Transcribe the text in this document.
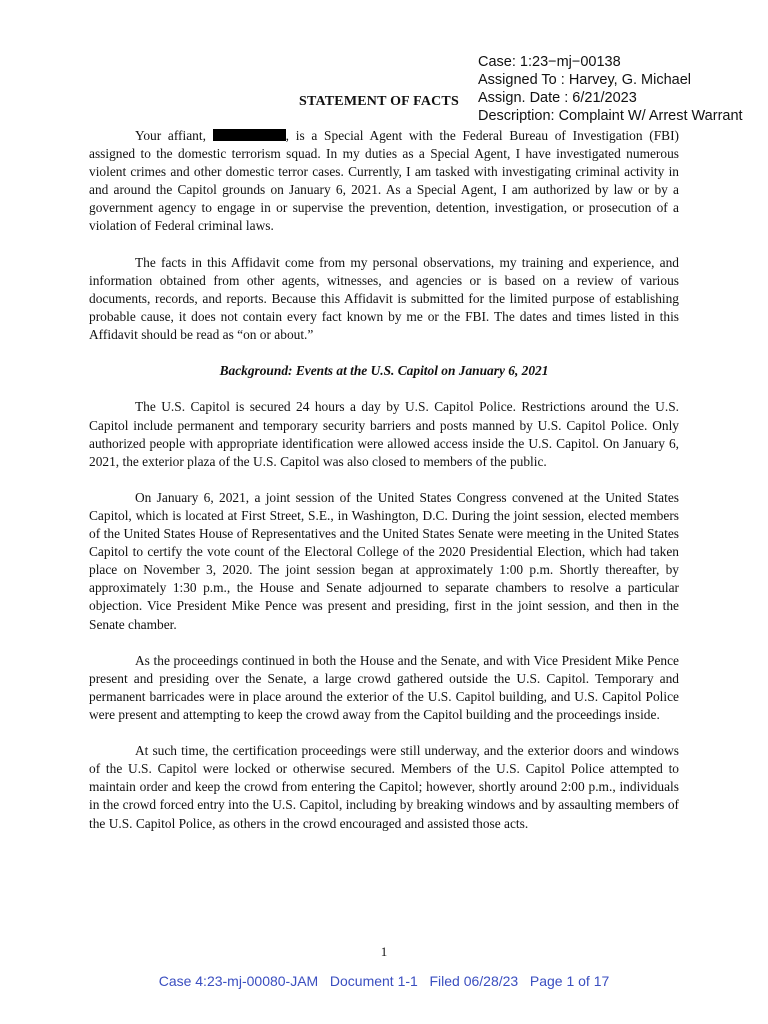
Case: 1:23−mj−00138
Assigned To : Harvey, G. Michael
Assign. Date : 6/21/2023
Description: Complaint W/ Arrest Warrant
STATEMENT OF FACTS

Your affiant,	, is a Special Agent with the Federal Bureau of Investigation (FBI) assigned to the domestic terrorism squad. In my duties as a Special Agent, I have investigated numerous violent crimes and other domestic terror cases. Currently, I am tasked with investigating criminal activity in and around the Capitol grounds on January 6, 2021. As a Special Agent, I am authorized by law or by a government agency to engage in or supervise the prevention, detention, investigation, or prosecution of a violation of Federal criminal laws.

The facts in this Affidavit come from my personal observations, my training and experience, and information obtained from other agents, witnesses, and agencies or is based on a review of various documents, records, and reports. Because this Affidavit is submitted for the limited purpose of establishing probable cause, it does not contain every fact known by me or the FBI. The dates and times listed in this Affidavit should be read as “on or about.”

Background: Events at the U.S. Capitol on January 6, 2021

The U.S. Capitol is secured 24 hours a day by U.S. Capitol Police. Restrictions around the U.S. Capitol include permanent and temporary security barriers and posts manned by U.S. Capitol Police. Only authorized people with appropriate identification were allowed access inside the U.S. Capitol. On January 6, 2021, the exterior plaza of the U.S. Capitol was also closed to members of the public.

On January 6, 2021, a joint session of the United States Congress convened at the United States Capitol, which is located at First Street, S.E., in Washington, D.C. During the joint session, elected members of the United States House of Representatives and the United States Senate were meeting in the United States Capitol to certify the vote count of the Electoral College of the 2020 Presidential Election, which had taken place on November 3, 2020. The joint session began at approximately 1:00 p.m. Shortly thereafter, by approximately 1:30 p.m., the House and Senate adjourned to separate chambers to resolve a particular objection. Vice President Mike Pence was present and presiding, first in the joint session, and then in the Senate chamber.

As the proceedings continued in both the House and the Senate, and with Vice President Mike Pence present and presiding over the Senate, a large crowd gathered outside the U.S. Capitol. Temporary and permanent barricades were in place around the exterior of the U.S. Capitol building, and U.S. Capitol Police were present and attempting to keep the crowd away from the Capitol building and the proceedings inside.

At such time, the certification proceedings were still underway, and the exterior doors and windows of the U.S. Capitol were locked or otherwise secured. Members of the U.S. Capitol Police attempted to maintain order and keep the crowd from entering the Capitol; however, shortly around 2:00 p.m., individuals in the crowd forced entry into the U.S. Capitol, including by breaking windows and by assaulting members of the U.S. Capitol Police, as others in the crowd encouraged and assisted those acts.

1
Case 4:23-mj-00080-JAM   Document 1-1   Filed 06/28/23   Page 1 of 17
